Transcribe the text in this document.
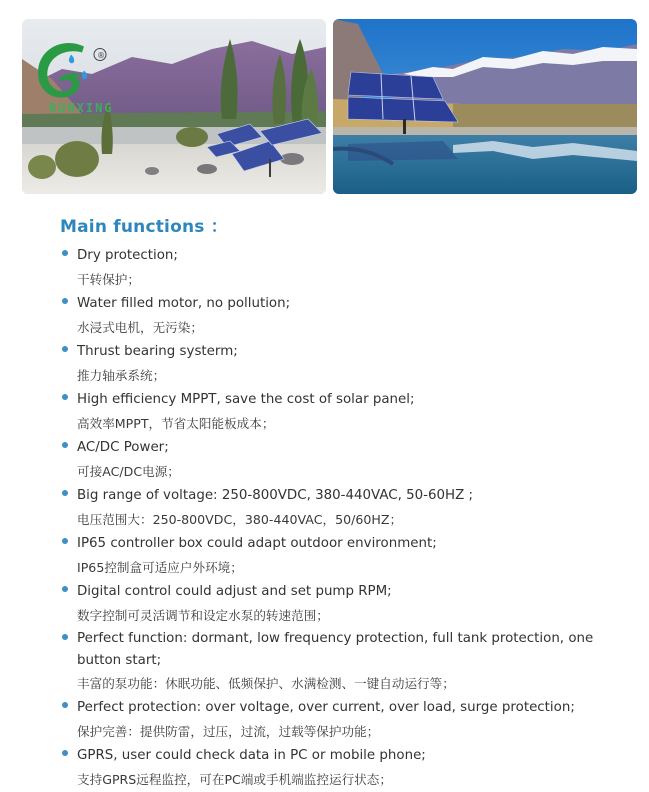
®
RUNXING
Main functions ：
Dry protection;
干转保护；
Water filled motor, no pollution;
水浸式电机，无污染；
Thrust bearing systerm;
推力轴承系统；
High efficiency MPPT, save the cost of solar panel;
高效率MPPT，节省太阳能板成本；
AC/DC Power;
可接AC/DC电源；
Big range of voltage: 250-800VDC, 380-440VAC, 50-60HZ ;
电压范围大：250-800VDC，380-440VAC，50/60HZ；
IP65 controller box could adapt outdoor environment;
IP65控制盒可适应户外环境；
Digital control could adjust and set pump RPM;
数字控制可灵活调节和设定水泵的转速范围；
Perfect function: dormant, low frequency protection, full tank protection, one button start;
丰富的泵功能：休眠功能、低频保护、水满检测、一键自动运行等；
Perfect protection: over voltage, over current, over load, surge protection;
保护完善：提供防雷，过压，过流，过载等保护功能；
GPRS, user could check data in PC or mobile phone;
支持GPRS远程监控，可在PC端或手机端监控运行状态；
